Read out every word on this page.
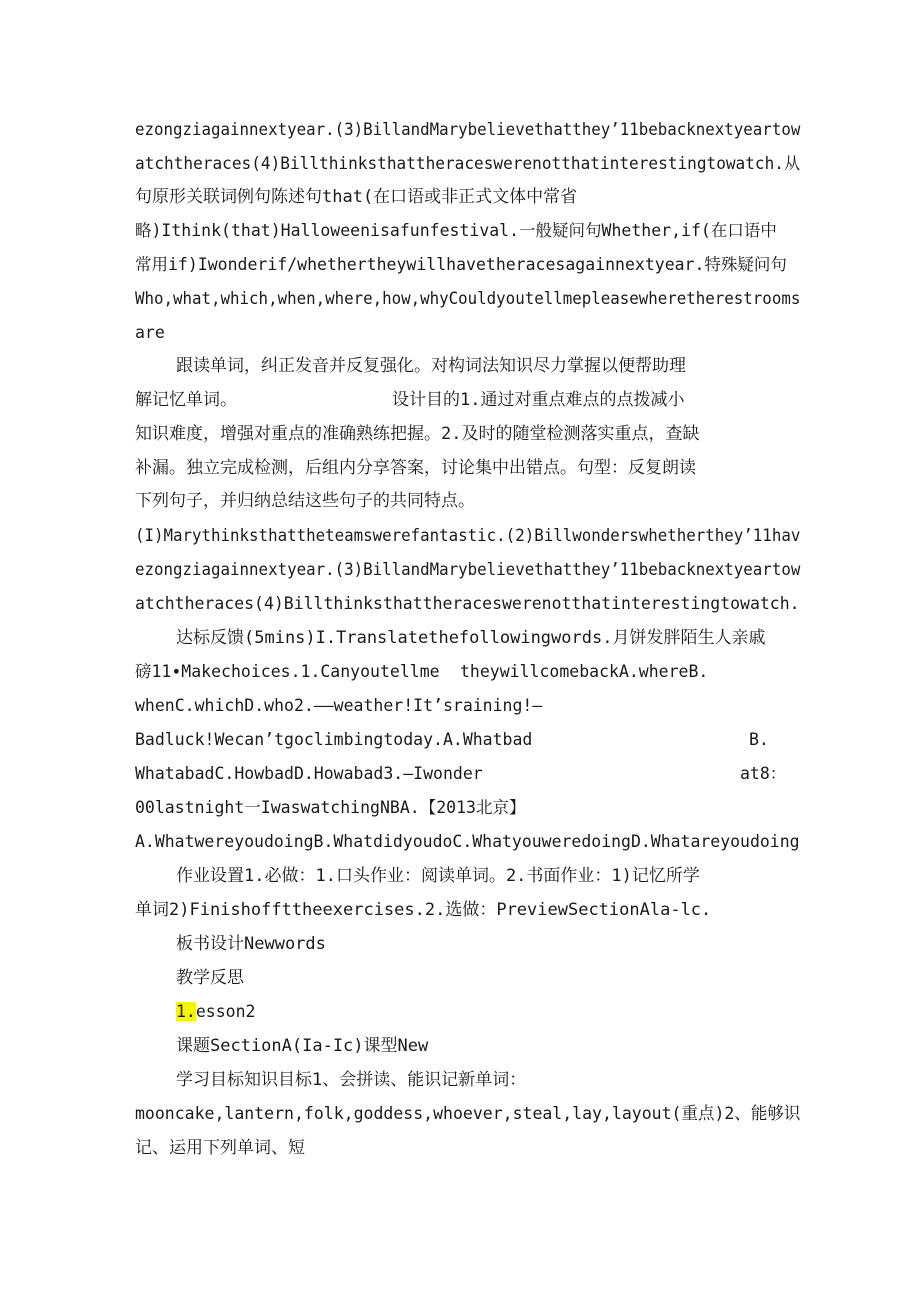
ezongziagainnextyear.(3)BillandMarybelievethatthey’11bebacknextyeartow
atchtheraces(4)Billthinksthattheraceswerenotthatinterestingtowatch.从
句原形关联词例句陈述句that(在口语或非正式文体中常省
略)Ithink(that)Halloweenisafunfestival.一般疑问句Whether,if(在口语中
常用if)Iwonderif/whethertheywillhavetheracesagainnextyear.特殊疑问句
Who,what,which,when,where,how,whyCouldyoutellmepleasewheretherestrooms
are
跟读单词，纠正发音并反复强化。对构词法知识尽力掌握以便帮助理
解记忆单词。	设计目的1.通过对重点难点的点拨减小
知识难度，增强对重点的准确熟练把握。2.及时的随堂检测落实重点，查缺
补漏。独立完成检测，后组内分享答案，讨论集中出错点。句型：反复朗读
下列句子，并归纳总结这些句子的共同特点。
(I)Marythinksthattheteamswerefantastic.(2)Billwonderswhetherthey’11hav
ezongziagainnextyear.(3)BillandMarybelievethatthey’11bebacknextyeartow
atchtheraces(4)Billthinksthattheraceswerenotthatinterestingtowatch.
达标反馈(5mins)I.Translatethefollowingwords.月饼发胖陌生人亲戚
磅11∙Makechoices.1.Canyoutellme theywillcomebackA.whereB.
whenC.whichD.who2.——weather!It’sraining!—
Badluck!Wecan’tgoclimbingtoday.A.Whatbad	B.
WhatabadC.HowbadD.Howabad3.—Iwonder	at8：
00lastnight一IwaswatchingNBA.【2013北京】
A.WhatwereyoudoingB.WhatdidyoudoC.WhatyouweredoingD.Whatareyoudoing
作业设置1.必做：1.口头作业：阅读单词。2.书面作业：1)记忆所学
单词2)Finishoffttheexercises.2.选做：PreviewSectionAla-lc.
板书设计Newwords
教学反思
1.esson2
课题SectionA(Ia-Ic)课型New
学习目标知识目标1、会拼读、能识记新单词：
mooncake,lantern,folk,goddess,whoever,steal,lay,layout(重点)2、能够识
记、运用下列单词、短
